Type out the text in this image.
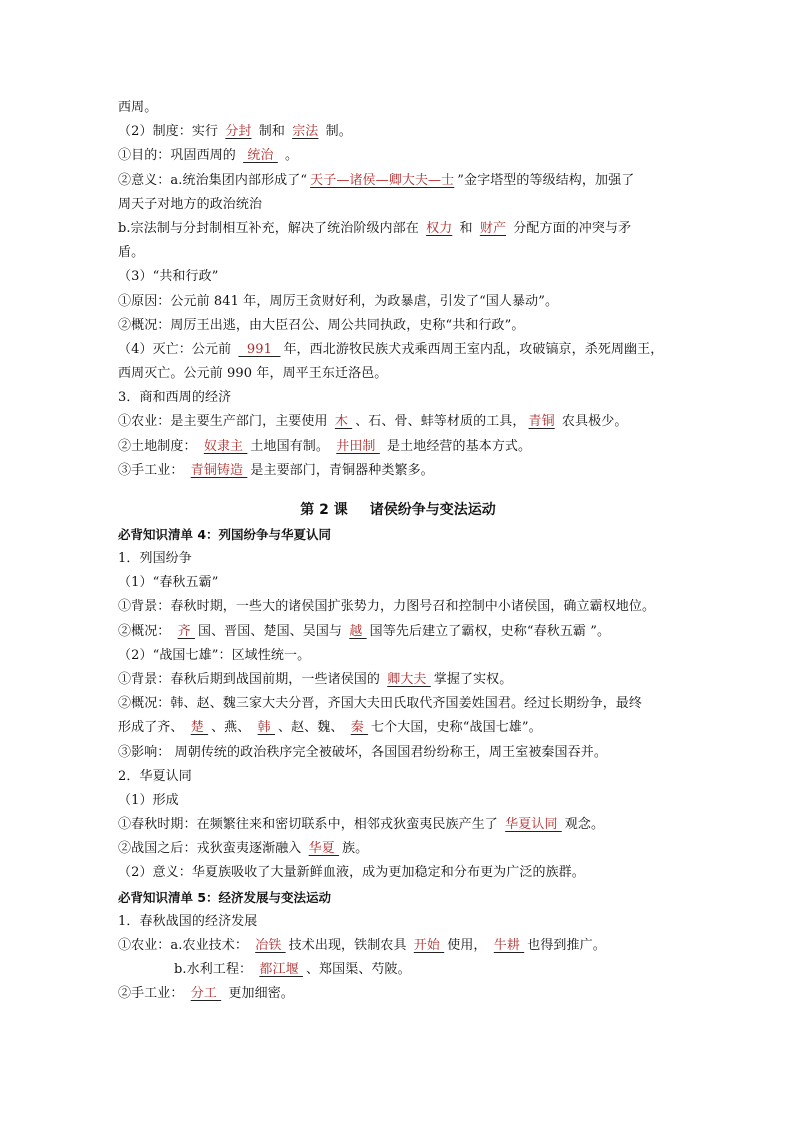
西周。
（2）制度：实行 分封 制和 宗法 制。
①目的：巩固西周的  统治  。
②意义：a.统治集团内部形成了“ 天子—诸侯—卿大夫—士 ”金字塔型的等级结构，加强了
周天子对地方的政治统治
b.宗法制与分封制相互补充，解决了统治阶级内部在 权力 和 财产 分配方面的冲突与矛
盾。
（3）“共和行政”
①原因：公元前 841 年，周厉王贪财好利，为政暴虐，引发了“国人暴动”。
②概况：周厉王出逃，由大臣召公、周公共同执政，史称“共和行政”。
（4）灭亡：公元前   991  年，西北游牧民族犬戎乘西周王室内乱，攻破镐京，杀死周幽王，
西周灭亡。公元前 990 年，周平王东迁洛邑。
3．商和西周的经济
①农业：是主要生产部门，主要使用 木 、石、骨、蚌等材质的工具， 青铜 农具极少。
②土地制度： 奴隶主 土地国有制。 井田制  是土地经营的基本方式。
③手工业： 青铜铸造 是主要部门，青铜器种类繁多。
第 2 课 诸侯纷争与变法运动
必背知识清单 4：列国纷争与华夏认同
1．列国纷争
（1）“春秋五霸”
①背景：春秋时期，一些大的诸侯国扩张势力，力图号召和控制中小诸侯国，确立霸权地位。
②概况： 齐 国、晋国、楚国、吴国与 越 国等先后建立了霸权，史称“春秋五霸 ”。
（2）“战国七雄”：区域性统一。
①背景：春秋后期到战国前期，一些诸侯国的 卿大夫 掌握了实权。
②概况：韩、赵、魏三家大夫分晋，齐国大夫田氏取代齐国姜姓国君。经过长期纷争，最终
形成了齐、 楚 、燕、 韩 、赵、魏、 秦 七个大国，史称“战国七雄”。
③影响： 周朝传统的政治秩序完全被破坏，各国国君纷纷称王，周王室被秦国吞并。
2．华夏认同
（1）形成
①春秋时期：在频繁往来和密切联系中，相邻戎狄蛮夷民族产生了 华夏认同 观念。
②战国之后：戎狄蛮夷逐渐融入 华夏 族。
（2）意义：华夏族吸收了大量新鲜血液，成为更加稳定和分布更为广泛的族群。
必背知识清单 5：经济发展与变法运动
1．春秋战国的经济发展
①农业：a.农业技术： 冶铁 技术出现，铁制农具 开始 使用， 牛耕 也得到推广。
b.水利工程： 都江堰 、郑国渠、芍陂。
②手工业： 分工  更加细密。
